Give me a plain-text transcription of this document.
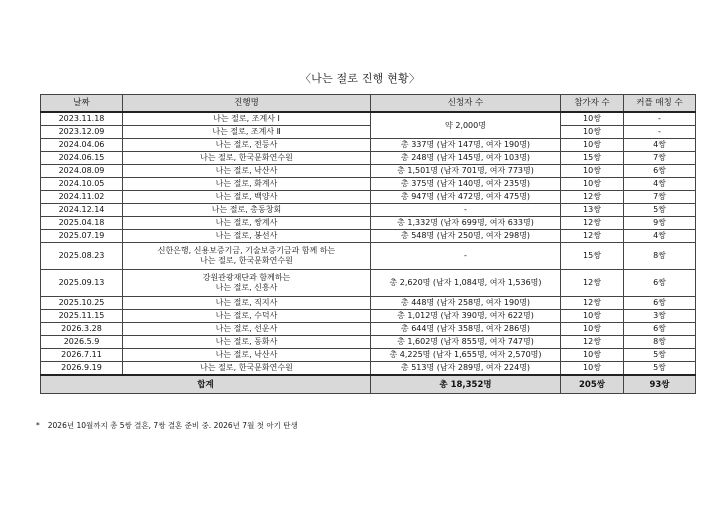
〈나는 절로 진행 현황〉
날짜	진행명	신청자 수	참가자 수	커플 매칭 수
2023.11.18	나는 절로, 조계사 Ⅰ	약 2,000명	10쌍	-
2023.12.09	나는 절로, 조계사 Ⅱ		10쌍	-
2024.04.06	나는 절로, 전등사	총 337명 (남자 147명, 여자 190명)	10쌍	4쌍
2024.06.15	나는 절로, 한국문화연수원	총 248명 (남자 145명, 여자 103명)	15쌍	7쌍
2024.08.09	나는 절로, 낙산사	총 1,501명 (남자 701명, 여자 773명)	10쌍	6쌍
2024.10.05	나는 절로, 화계사	총 375명 (남자 140명, 여자 235명)	10쌍	4쌍
2024.11.02	나는 절로, 백양사	총 947명 (남자 472명, 여자 475명)	12쌍	7쌍
2024.12.14	나는 절로, 총동창회	-	13쌍	5쌍
2025.04.18	나는 절로, 쌍계사	총 1,332명 (남자 699명, 여자 633명)	12쌍	9쌍
2025.07.19	나는 절로, 봉선사	총 548명 (남자 250명, 여자 298명)	12쌍	4쌍
2025.08.23	신한은행, 신용보증기금, 기술보증기금과 함께 하는
나는 절로, 한국문화연수원	-	15쌍	8쌍
2025.09.13	강원관광재단과 함께하는
나는 절로, 신흥사	총 2,620명 (남자 1,084명, 여자 1,536명)	12쌍	6쌍
2025.10.25	나는 절로, 직지사	총 448명 (남자 258명, 여자 190명)	12쌍	6쌍
2025.11.15	나는 절로, 수덕사	총 1,012명 (남자 390명, 여자 622명)	10쌍	3쌍
2026.3.28	나는 절로, 선운사	총 644명 (남자 358명, 여자 286명)	10쌍	6쌍
2026.5.9	나는 절로, 동화사	총 1,602명 (남자 855명, 여자 747명)	12쌍	8쌍
2026.7.11	나는 절로, 낙산사	총 4,225명 (남자 1,655명, 여자 2,570명)	10쌍	5쌍
2026.9.19	나는 절로, 한국문화연수원	총 513명 (남자 289명, 여자 224명)	10쌍	5쌍
합계		총 18,352명	205쌍	93쌍
* 2026년 10월까지 총 5쌍 결혼, 7쌍 결혼 준비 중. 2026년 7월 첫 아기 탄생
